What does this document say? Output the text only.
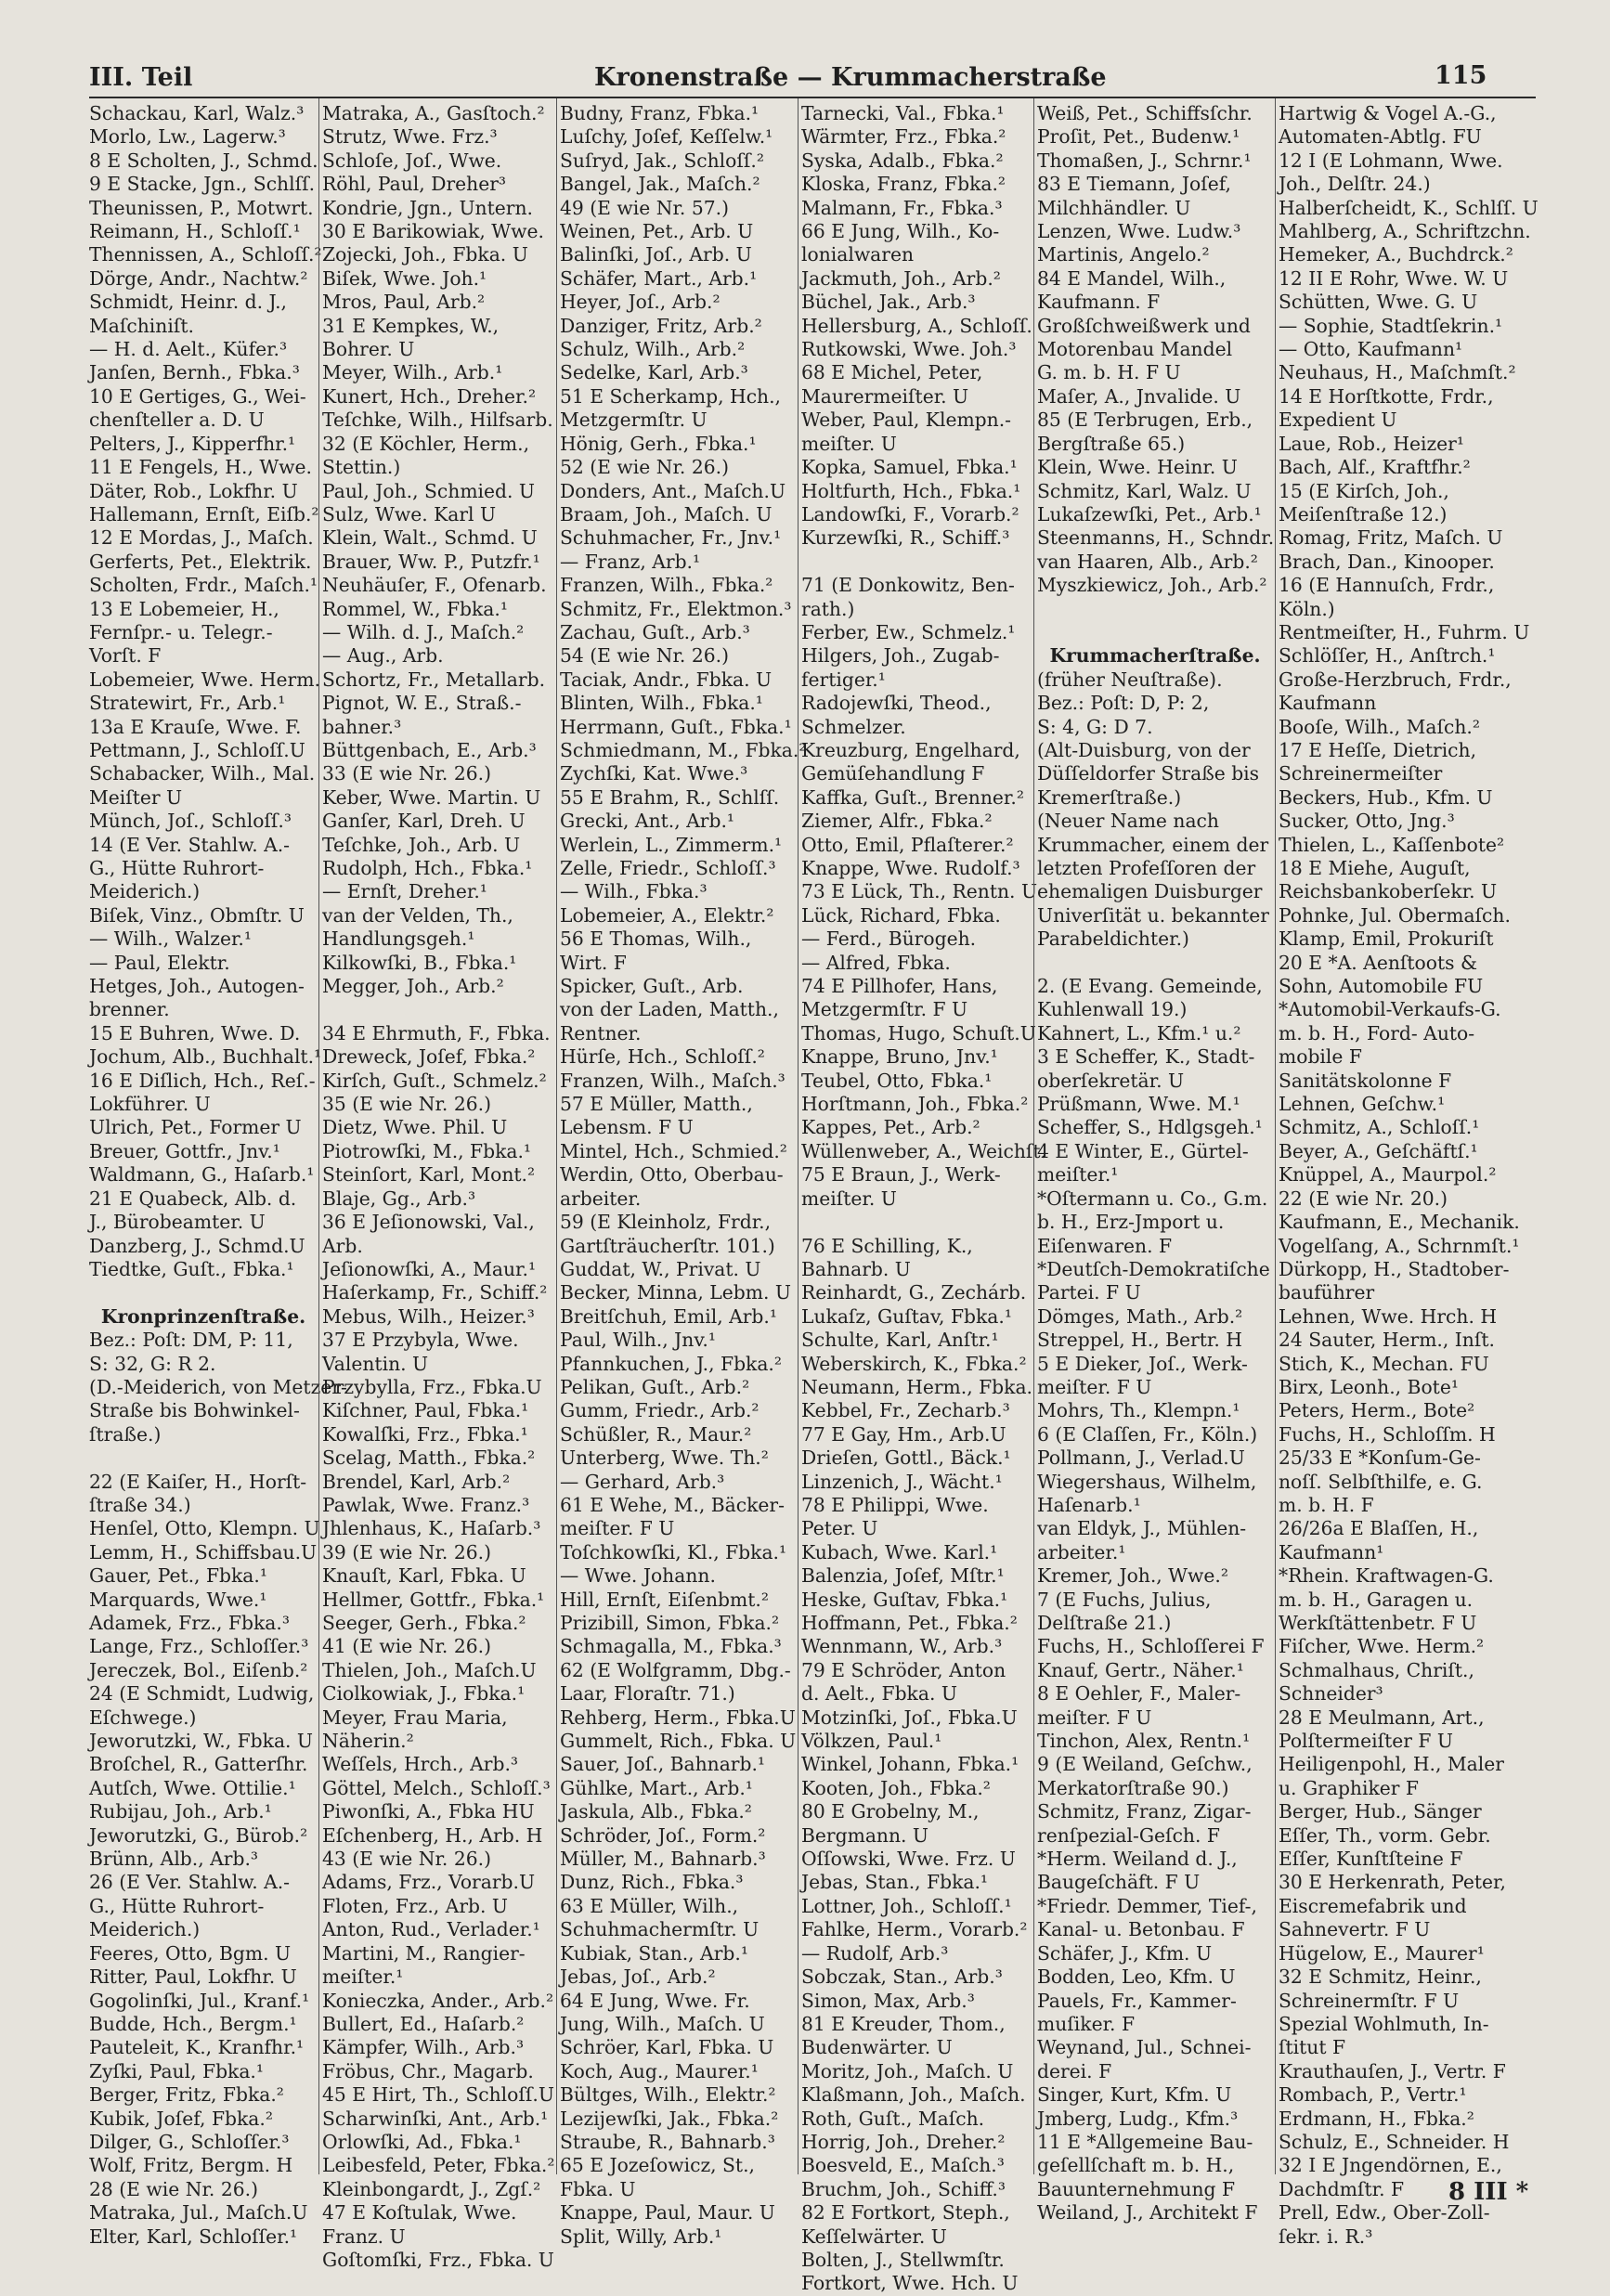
III. Teil	Kronenstraße — Krummacherstraße	115
Schackau, Karl, Walz.³
Morlo, Lw., Lagerw.³
8 E Scholten, J., Schmd.
9 E Stacke, Jgn., Schlſſ.
Theunissen, P., Motwrt.
Reimann, H., Schloſſ.¹
Thennissen, A., Schloſſ.²
Dörge, Andr., Nachtw.²
Schmidt, Heinr. d. J.,
Maſchiniſt.
— H. d. Aelt., Küfer.³
Janſen, Bernh., Fbka.³
10 E Gertiges, G., Wei-
chenſteller a. D. U
Pelters, J., Kipperfhr.¹
11 E Fengels, H., Wwe.
Däter, Rob., Lokfhr. U
Hallemann, Ernſt, Eiſb.²
12 E Mordas, J., Maſch.
Gerferts, Pet., Elektrik.
Scholten, Frdr., Maſch.¹
13 E Lobemeier, H.,
Fernſpr.- u. Telegr.-
Vorſt. F
Lobemeier, Wwe. Herm.
Stratewirt, Fr., Arb.¹
13a E Krauſe, Wwe. F.
Pettmann, J., Schloſſ.U
Schabacker, Wilh., Mal.
Meiſter U
Münch, Joſ., Schloſſ.³
14 (E Ver. Stahlw. A.-
G., Hütte Ruhrort-
Meiderich.)
Biſek, Vinz., Obmſtr. U
— Wilh., Walzer.¹
— Paul, Elektr.
Hetges, Joh., Autogen-
brenner.
15 E Buhren, Wwe. D.
Jochum, Alb., Buchhalt.¹
16 E Diſlich, Hch., Reſ.-
Lokführer. U
Ulrich, Pet., Former U
Breuer, Gottfr., Jnv.¹
Waldmann, G., Haſarb.¹
21 E Quabeck, Alb. d.
J., Bürobeamter. U
Danzberg, J., Schmd.U
Tiedtke, Guſt., Fbka.¹

Kronprinzenſtraße.
Bez.: Poſt: DM, P: 11,
S: 32, G: R 2.
(D.-Meiderich, von Metzer-
Straße bis Bohwinkel-
ſtraße.)

22 (E Kaiſer, H., Horſt-
ſtraße 34.)
Henſel, Otto, Klempn. U
Lemm, H., Schiffsbau.U
Gauer, Pet., Fbka.¹
Marquards, Wwe.¹
Adamek, Frz., Fbka.³
Lange, Frz., Schloſſer.³
Jereczek, Bol., Eiſenb.²
24 (E Schmidt, Ludwig,
Eſchwege.)
Jeworutzki, W., Fbka. U
Broſchel, R., Gatterſhr.
Autſch, Wwe. Ottilie.¹
Rubijau, Joh., Arb.¹
Jeworutzki, G., Bürob.²
Brünn, Alb., Arb.³
26 (E Ver. Stahlw. A.-
G., Hütte Ruhrort-
Meiderich.)
Feeres, Otto, Bgm. U
Ritter, Paul, Lokfhr. U
Gogolinſki, Jul., Kranf.¹
Budde, Hch., Bergm.¹
Pauteleit, K., Kranfhr.¹
Zyſki, Paul, Fbka.¹
Berger, Fritz, Fbka.²
Kubik, Joſef, Fbka.²
Dilger, G., Schloſſer.³
Wolf, Fritz, Bergm. H
28 (E wie Nr. 26.)
Matraka, Jul., Maſch.U
Elter, Karl, Schloſſer.¹
Matraka, A., Gasſtoch.²
Strutz, Wwe. Frz.³
Schloſe, Joſ., Wwe.
Röhl, Paul, Dreher³
Kondrie, Jgn., Untern.
30 E Barikowiak, Wwe.
Zojecki, Joh., Fbka. U
Biſek, Wwe. Joh.¹
Mros, Paul, Arb.²
31 E Kempkes, W.,
Bohrer. U
Meyer, Wilh., Arb.¹
Kunert, Hch., Dreher.²
Teſchke, Wilh., Hilfsarb.
32 (E Köchler, Herm.,
Stettin.)
Paul, Joh., Schmied. U
Sulz, Wwe. Karl U
Klein, Walt., Schmd. U
Brauer, Ww. P., Putzfr.¹
Neuhäuſer, F., Ofenarb.
Rommel, W., Fbka.¹
— Wilh. d. J., Maſch.²
— Aug., Arb.
Schortz, Fr., Metallarb.
Pignot, W. E., Straß.-
bahner.³
Büttgenbach, E., Arb.³
33 (E wie Nr. 26.)
Keber, Wwe. Martin. U
Ganſer, Karl, Dreh. U
Teſchke, Joh., Arb. U
Rudolph, Hch., Fbka.¹
— Ernſt, Dreher.¹
van der Velden, Th.,
Handlungsgeh.¹
Kilkowſki, B., Fbka.¹
Megger, Joh., Arb.²

34 E Ehrmuth, F., Fbka.
Dreweck, Joſef, Fbka.²
Kirſch, Guſt., Schmelz.²
35 (E wie Nr. 26.)
Dietz, Wwe. Phil. U
Piotrowſki, M., Fbka.¹
Steinſort, Karl, Mont.²
Blaje, Gg., Arb.³
36 E Jeſionowski, Val.,
Arb.
Jeſionowſki, A., Maur.¹
Haſerkamp, Fr., Schiff.²
Mebus, Wilh., Heizer.³
37 E Przybyla, Wwe.
Valentin. U
Przybylla, Frz., Fbka.U
Kiſchner, Paul, Fbka.¹
Kowalſki, Frz., Fbka.¹
Scelag, Matth., Fbka.²
Brendel, Karl, Arb.²
Pawlak, Wwe. Franz.³
Jhlenhaus, K., Haſarb.³
39 (E wie Nr. 26.)
Knauſt, Karl, Fbka. U
Hellmer, Gottfr., Fbka.¹
Seeger, Gerh., Fbka.²
41 (E wie Nr. 26.)
Thielen, Joh., Maſch.U
Ciolkowiak, J., Fbka.¹
Meyer, Frau Maria,
Näherin.²
Weſſels, Hrch., Arb.³
Göttel, Melch., Schloſſ.³
Piwonſki, A., Fbka HU
Eſchenberg, H., Arb. H
43 (E wie Nr. 26.)
Adams, Frz., Vorarb.U
Floten, Frz., Arb. U
Anton, Rud., Verlader.¹
Martini, M., Rangier-
meiſter.¹
Konieczka, Ander., Arb.²
Bullert, Ed., Haſarb.²
Kämpfer, Wilh., Arb.³
Fröbus, Chr., Magarb.
45 E Hirt, Th., Schloſſ.U
Scharwinſki, Ant., Arb.¹
Orlowſki, Ad., Fbka.¹
Leibesfeld, Peter, Fbka.²
Kleinbongardt, J., Zgſ.²
47 E Koſtulak, Wwe.
Franz. U
Goſtomſki, Frz., Fbka. U
Budny, Franz, Fbka.¹
Luſchy, Joſef, Keſſelw.¹
Suſryd, Jak., Schloſſ.²
Bangel, Jak., Maſch.²
49 (E wie Nr. 57.)
Weinen, Pet., Arb. U
Balinſki, Joſ., Arb. U
Schäfer, Mart., Arb.¹
Heyer, Joſ., Arb.²
Danziger, Fritz, Arb.²
Schulz, Wilh., Arb.²
Sedelke, Karl, Arb.³
51 E Scherkamp, Hch.,
Metzgermſtr. U
Hönig, Gerh., Fbka.¹
52 (E wie Nr. 26.)
Donders, Ant., Maſch.U
Braam, Joh., Maſch. U
Schuhmacher, Fr., Jnv.¹
— Franz, Arb.¹
Franzen, Wilh., Fbka.²
Schmitz, Fr., Elektmon.³
Zachau, Guſt., Arb.³
54 (E wie Nr. 26.)
Taciak, Andr., Fbka. U
Blinten, Wilh., Fbka.¹
Herrmann, Guſt., Fbka.¹
Schmiedmann, M., Fbka.²
Zychſki, Kat. Wwe.³
55 E Brahm, R., Schlſſ.
Grecki, Ant., Arb.¹
Werlein, L., Zimmerm.¹
Zelle, Friedr., Schloſſ.³
— Wilh., Fbka.³
Lobemeier, A., Elektr.²
56 E Thomas, Wilh.,
Wirt. F
Spicker, Guſt., Arb.
von der Laden, Matth.,
Rentner.
Hürſe, Hch., Schloſſ.²
Franzen, Wilh., Maſch.³
57 E Müller, Matth.,
Lebensm. F U
Mintel, Hch., Schmied.²
Werdin, Otto, Oberbau-
arbeiter.
59 (E Kleinholz, Frdr.,
Gartſträucherſtr. 101.)
Guddat, W., Privat. U
Becker, Minna, Lebm. U
Breitſchuh, Emil, Arb.¹
Paul, Wilh., Jnv.¹
Pfannkuchen, J., Fbka.²
Pelikan, Guſt., Arb.²
Gumm, Friedr., Arb.²
Schüßler, R., Maur.²
Unterberg, Wwe. Th.²
— Gerhard, Arb.³
61 E Wehe, M., Bäcker-
meiſter. F U
Toſchkowſki, Kl., Fbka.¹
— Wwe. Johann.
Hill, Ernſt, Eiſenbmt.²
Prizibill, Simon, Fbka.²
Schmagalla, M., Fbka.³
62 (E Wolfgramm, Dbg.-
Laar, Floraſtr. 71.)
Rehberg, Herm., Fbka.U
Gummelt, Rich., Fbka. U
Sauer, Joſ., Bahnarb.¹
Gühlke, Mart., Arb.¹
Jaskula, Alb., Fbka.²
Schröder, Joſ., Form.²
Müller, M., Bahnarb.³
Dunz, Rich., Fbka.³
63 E Müller, Wilh.,
Schuhmachermſtr. U
Kubiak, Stan., Arb.¹
Jebas, Joſ., Arb.²
64 E Jung, Wwe. Fr.
Jung, Wilh., Maſch. U
Schröer, Karl, Fbka. U
Koch, Aug., Maurer.¹
Bültges, Wilh., Elektr.²
Lezijewſki, Jak., Fbka.²
Straube, R., Bahnarb.³
65 E Jozeſowicz, St.,
Fbka. U
Knappe, Paul, Maur. U
Split, Willy, Arb.¹
Tarnecki, Val., Fbka.¹
Wärmter, Frz., Fbka.²
Syska, Adalb., Fbka.²
Kloska, Franz, Fbka.²
Malmann, Fr., Fbka.³
66 E Jung, Wilh., Ko-
lonialwaren
Jackmuth, Joh., Arb.²
Büchel, Jak., Arb.³
Hellersburg, A., Schloſſ.
Rutkowski, Wwe. Joh.³
68 E Michel, Peter,
Maurermeiſter. U
Weber, Paul, Klempn.-
meiſter. U
Kopka, Samuel, Fbka.¹
Holtfurth, Hch., Fbka.¹
Landowſki, F., Vorarb.²
Kurzewſki, R., Schiff.³

71 (E Donkowitz, Ben-
rath.)
Ferber, Ew., Schmelz.¹
Hilgers, Joh., Zugab-
fertiger.¹
Radojewſki, Theod.,
Schmelzer.
Kreuzburg, Engelhard,
Gemüſehandlung F
Kaffka, Guſt., Brenner.²
Ziemer, Alfr., Fbka.²
Otto, Emil, Pflaſterer.²
Knappe, Wwe. Rudolf.³
73 E Lück, Th., Rentn. U
Lück, Richard, Fbka.
— Ferd., Bürogeh.
— Alfred, Fbka.
74 E Pillhofer, Hans,
Metzgermſtr. F U
Thomas, Hugo, Schuſt.U
Knappe, Bruno, Jnv.¹
Teubel, Otto, Fbka.¹
Horſtmann, Joh., Fbka.²
Kappes, Pet., Arb.²
Wüllenweber, A., Weichſt.
75 E Braun, J., Werk-
meiſter. U

76 E Schilling, K.,
Bahnarb. U
Reinhardt, G., Zechárb.
Lukaſz, Guſtav, Fbka.¹
Schulte, Karl, Anſtr.¹
Weberskirch, K., Fbka.²
Neumann, Herm., Fbka.
Kebbel, Fr., Zecharb.³
77 E Gay, Hm., Arb.U
Drieſen, Gottl., Bäck.¹
Linzenich, J., Wächt.¹
78 E Philippi, Wwe.
Peter. U
Kubach, Wwe. Karl.¹
Balenzia, Joſef, Mſtr.¹
Heske, Guſtav, Fbka.¹
Hoffmann, Pet., Fbka.²
Wennmann, W., Arb.³
79 E Schröder, Anton
d. Aelt., Fbka. U
Motzinſki, Joſ., Fbka.U
Völkzen, Paul.¹
Winkel, Johann, Fbka.¹
Kooten, Joh., Fbka.²
80 E Grobelny, M.,
Bergmann. U
Oſſowski, Wwe. Frz. U
Jebas, Stan., Fbka.¹
Lottner, Joh., Schloſſ.¹
Fahlke, Herm., Vorarb.²
— Rudolf, Arb.³
Sobczak, Stan., Arb.³
Simon, Max, Arb.³
81 E Kreuder, Thom.,
Budenwärter. U
Moritz, Joh., Maſch. U
Klaßmann, Joh., Maſch.
Roth, Guſt., Maſch.
Horrig, Joh., Dreher.²
Boesveld, E., Maſch.³
Bruchm, Joh., Schiff.³
82 E Fortkort, Steph.,
Keſſelwärter. U
Bolten, J., Stellwmſtr.
Fortkort, Wwe. Hch. U
Weiß, Pet., Schiffsſchr.
Proſit, Pet., Budenw.¹
Thomaßen, J., Schrnr.¹
83 E Tiemann, Joſef,
Milchhändler. U
Lenzen, Wwe. Ludw.³
Martinis, Angelo.²
84 E Mandel, Wilh.,
Kaufmann. F
Großſchweißwerk und
Motorenbau Mandel
G. m. b. H. F U
Maſer, A., Jnvalide. U
85 (E Terbrugen, Erb.,
Bergſtraße 65.)
Klein, Wwe. Heinr. U
Schmitz, Karl, Walz. U
Lukaſzewſki, Pet., Arb.¹
Steenmanns, H., Schndr.
van Haaren, Alb., Arb.²
Myszkiewicz, Joh., Arb.²

Krummacherſtraße.
(früher Neuſtraße).
Bez.: Poſt: D, P: 2,
S: 4, G: D 7.
(Alt-Duisburg, von der
Düſſeldorfer Straße bis
Kremerſtraße.)
(Neuer Name nach
Krummacher, einem der
letzten Profeſſoren der
ehemaligen Duisburger
Univerſität u. bekannter
Parabeldichter.)

2. (E Evang. Gemeinde,
Kuhlenwall 19.)
Kahnert, L., Kfm.¹ u.²
3 E Scheffer, K., Stadt-
oberſekretär. U
Prüßmann, Wwe. M.¹
Scheffer, S., Hdlgsgeh.¹
4 E Winter, E., Gürtel-
meiſter.¹
*Oſtermann u. Co., G.m.
b. H., Erz-Jmport u.
Eiſenwaren. F
*Deutſch-Demokratiſche
Partei. F U
Dömges, Math., Arb.²
Streppel, H., Bertr. H
5 E Dieker, Joſ., Werk-
meiſter. F U
Mohrs, Th., Klempn.¹
6 (E Claſſen, Fr., Köln.)
Pollmann, J., Verlad.U
Wiegershaus, Wilhelm,
Haſenarb.¹
van Eldyk, J., Mühlen-
arbeiter.¹
Kremer, Joh., Wwe.²
7 (E Fuchs, Julius,
Delſtraße 21.)
Fuchs, H., Schloſſerei F
Knauf, Gertr., Näher.¹
8 E Oehler, F., Maler-
meiſter. F U
Tinchon, Alex, Rentn.¹
9 (E Weiland, Geſchw.,
Merkatorſtraße 90.)
Schmitz, Franz, Zigar-
renſpezial-Geſch. F
*Herm. Weiland d. J.,
Baugeſchäft. F U
*Friedr. Demmer, Tief-,
Kanal- u. Betonbau. F
Schäfer, J., Kfm. U
Bodden, Leo, Kfm. U
Pauels, Fr., Kammer-
muſiker. F
Weynand, Jul., Schnei-
derei. F
Singer, Kurt, Kfm. U
Jmberg, Ludg., Kfm.³
11 E *Allgemeine Bau-
geſellſchaft m. b. H.,
Bauunternehmung F
Weiland, J., Architekt F
Hartwig & Vogel A.-G.,
Automaten-Abtlg. FU
12 I (E Lohmann, Wwe.
Joh., Delſtr. 24.)
Halberſcheidt, K., Schlſſ. U
Mahlberg, A., Schriftzchn.
Hemeker, A., Buchdrck.²
12 II E Rohr, Wwe. W. U
Schütten, Wwe. G. U
— Sophie, Stadtſekrin.¹
— Otto, Kaufmann¹
Neuhaus, H., Maſchmſt.²
14 E Horſtkotte, Frdr.,
Expedient U
Laue, Rob., Heizer¹
Bach, Alf., Kraftfhr.²
15 (E Kirſch, Joh.,
Meiſenſtraße 12.)
Romag, Fritz, Maſch. U
Brach, Dan., Kinooper.
16 (E Hannuſch, Frdr.,
Köln.)
Rentmeiſter, H., Fuhrm. U
Schlöſſer, H., Anſtrch.¹
Große-Herzbruch, Frdr.,
Kaufmann
Booſe, Wilh., Maſch.²
17 E Heſſe, Dietrich,
Schreinermeiſter
Beckers, Hub., Kfm. U
Sucker, Otto, Jng.³
Thielen, L., Kaſſenbote²
18 E Miehe, Auguſt,
Reichsbankoberſekr. U
Pohnke, Jul. Obermaſch.
Klamp, Emil, Prokuriſt
20 E *A. Aenſtoots &
Sohn, Automobile FU
*Automobil-Verkaufs-G.
m. b. H., Ford- Auto-
mobile F
Sanitätskolonne F
Lehnen, Geſchw.¹
Schmitz, A., Schloſſ.¹
Beyer, A., Geſchäftſ.¹
Knüppel, A., Maurpol.²
22 (E wie Nr. 20.)
Kaufmann, E., Mechanik.
Vogelſang, A., Schrnmſt.¹
Dürkopp, H., Stadtober-
bauführer
Lehnen, Wwe. Hrch. H
24 Sauter, Herm., Inſt.
Stich, K., Mechan. FU
Birx, Leonh., Bote¹
Peters, Herm., Bote²
Fuchs, H., Schloſſm. H
25/33 E *Konſum-Ge-
noſſ. Selbſthilfe, e. G.
m. b. H. F
26/26a E Blaſſen, H.,
Kaufmann¹
*Rhein. Kraftwagen-G.
m. b. H., Garagen u.
Werkſtättenbetr. F U
Fiſcher, Wwe. Herm.²
Schmalhaus, Chriſt.,
Schneider³
28 E Meulmann, Art.,
Polſtermeiſter F U
Heiligenpohl, H., Maler
u. Graphiker F
Berger, Hub., Sänger
Eſſer, Th., vorm. Gebr.
Eſſer, Kunſtſteine F
30 E Herkenrath, Peter,
Eiscremefabrik und
Sahnevertr. F U
Hügelow, E., Maurer¹
32 E Schmitz, Heinr.,
Schreinermſtr. F U
Spezial Wohlmuth, In-
ſtitut F
Krauthauſen, J., Vertr. F
Rombach, P., Vertr.¹
Erdmann, H., Fbka.²
Schulz, E., Schneider. H
32 I E Jngendörnen, E.,
Dachdmſtr. F
Prell, Edw., Ober-Zoll-
ſekr. i. R.³
8 III *
